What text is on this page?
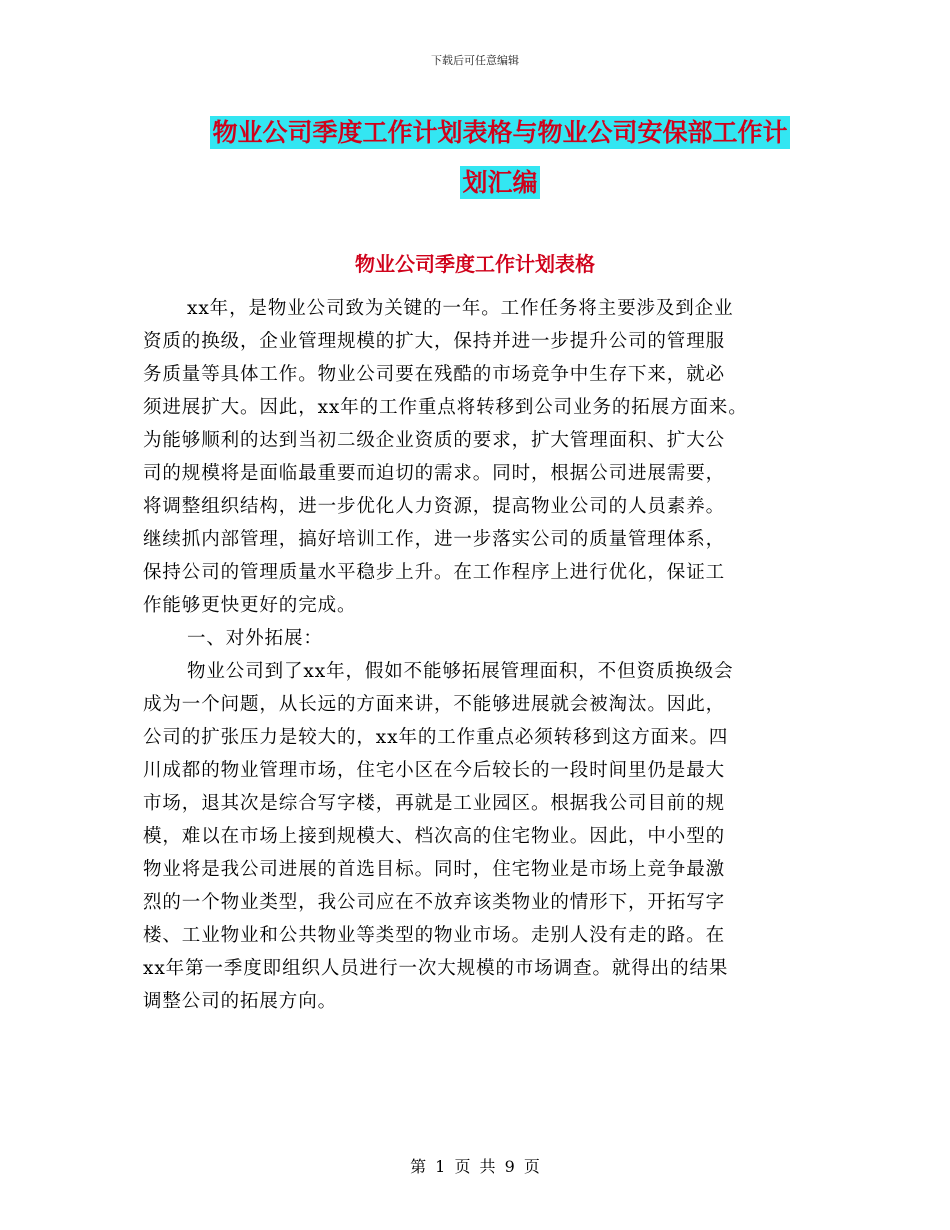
下载后可任意编辑
物业公司季度工作计划表格与物业公司安保部工作计
划汇编
物业公司季度工作计划表格
xx年，是物业公司致为关键的一年。工作任务将主要涉及到企业
资质的换级，企业管理规模的扩大，保持并进一步提升公司的管理服
务质量等具体工作。物业公司要在残酷的市场竞争中生存下来，就必
须进展扩大。因此，xx年的工作重点将转移到公司业务的拓展方面来。
为能够顺利的达到当初二级企业资质的要求，扩大管理面积、扩大公
司的规模将是面临最重要而迫切的需求。同时，根据公司进展需要，
将调整组织结构，进一步优化人力资源，提高物业公司的人员素养。
继续抓内部管理，搞好培训工作，进一步落实公司的质量管理体系，
保持公司的管理质量水平稳步上升。在工作程序上进行优化，保证工
作能够更快更好的完成。
一、对外拓展：
物业公司到了xx年，假如不能够拓展管理面积，不但资质换级会
成为一个问题，从长远的方面来讲，不能够进展就会被淘汰。因此，
公司的扩张压力是较大的，xx年的工作重点必须转移到这方面来。四
川成都的物业管理市场，住宅小区在今后较长的一段时间里仍是最大
市场，退其次是综合写字楼，再就是工业园区。根据我公司目前的规
模，难以在市场上接到规模大、档次高的住宅物业。因此，中小型的
物业将是我公司进展的首选目标。同时，住宅物业是市场上竞争最激
烈的一个物业类型，我公司应在不放弃该类物业的情形下，开拓写字
楼、工业物业和公共物业等类型的物业市场。走别人没有走的路。在
xx年第一季度即组织人员进行一次大规模的市场调查。就得出的结果
调整公司的拓展方向。
第 1 页 共 9 页
